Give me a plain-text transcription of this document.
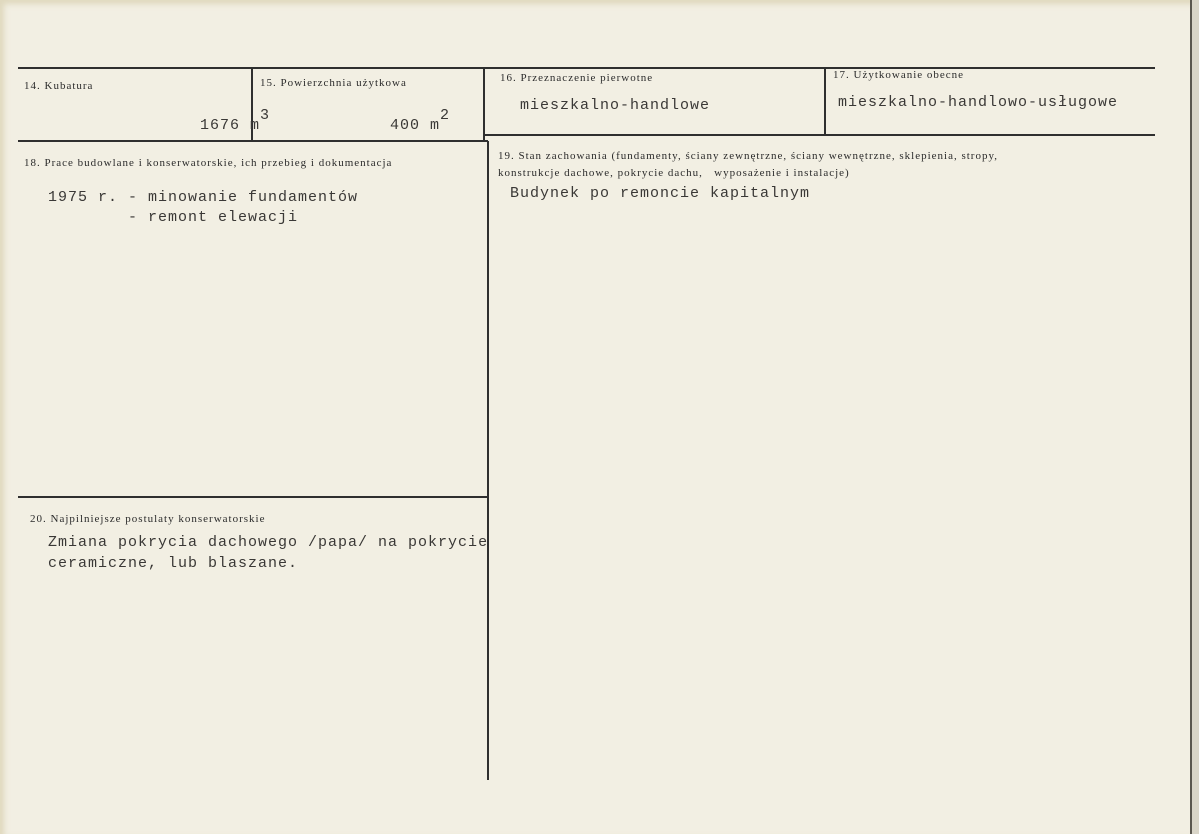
14. Kubatura

1676 m3

15. Powierzchnia użytkowa

400 m2

16. Przeznaczenie pierwotne
mieszkalno-handlowe
17. Użytkowanie obecne
mieszkalno-handlowo-usługowe
18. Prace budowlane i konserwatorskie, ich przebieg i dokumentacja
1975 r. - minowanie fundamentów
- remont elewacji
19. Stan zachowania (fundamenty, ściany zewnętrzne, ściany wewnętrzne, sklepienia, stropy,
konstrukcje dachowe, pokrycie dachu,   wyposażenie i instalacje)
Budynek po remoncie kapitalnym
20. Najpilniejsze postulaty konserwatorskie
Zmiana pokrycia dachowego /papa/ na pokrycie
ceramiczne, lub blaszane.
